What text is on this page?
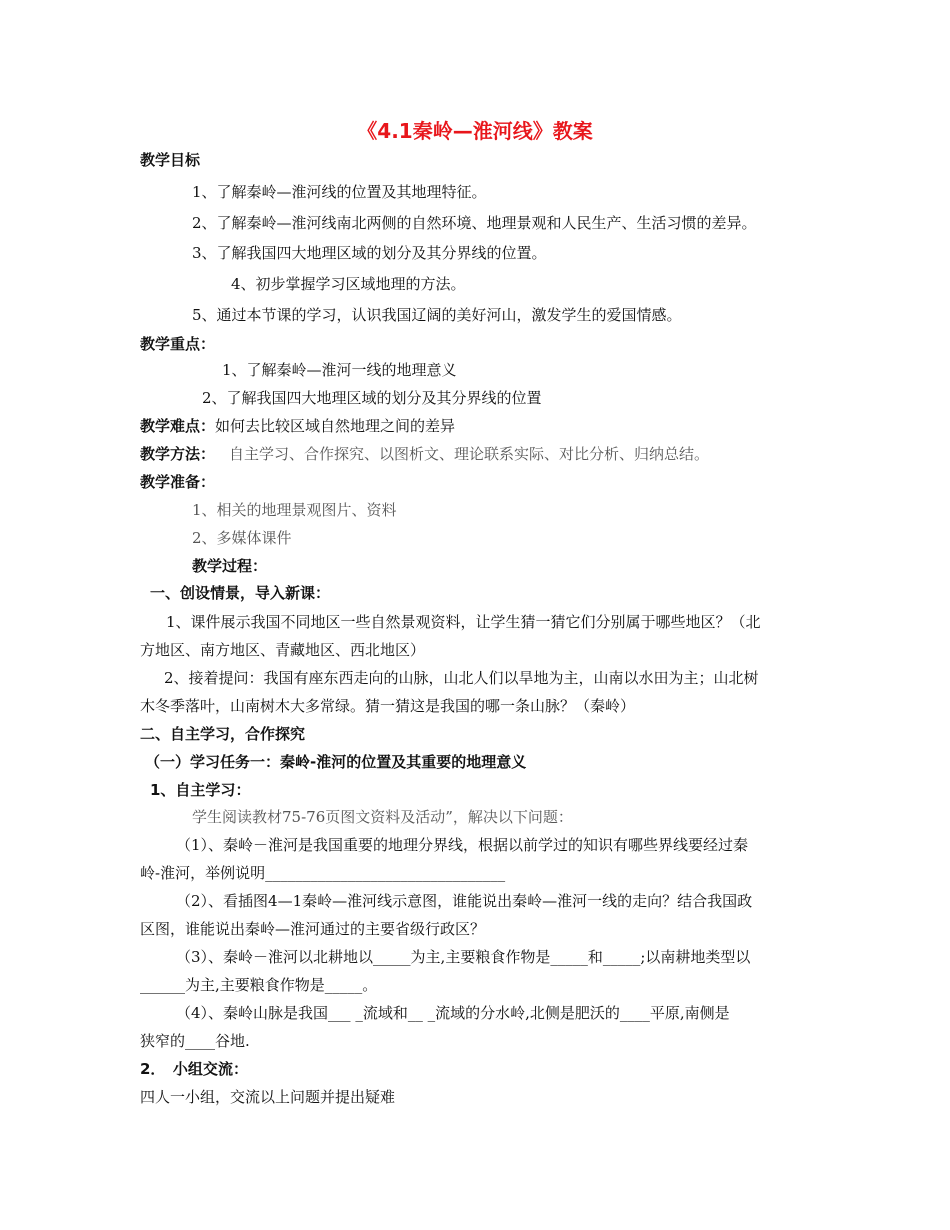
《4.1秦岭—淮河线》教案
教学目标
1、了解秦岭—淮河线的位置及其地理特征。
2、了解秦岭—淮河线南北两侧的自然环境、地理景观和人民生产、生活习惯的差异。
3、了解我国四大地理区域的划分及其分界线的位置。
4、初步掌握学习区域地理的方法。
5、通过本节课的学习，认识我国辽阔的美好河山，激发学生的爱国情感。
教学重点：
1、了解秦岭—淮河一线的地理意义
2、了解我国四大地理区域的划分及其分界线的位置
教学难点：如何去比较区域自然地理之间的差异
教学方法： 自主学习、合作探究、以图析文、理论联系实际、对比分析、归纳总结。
教学准备：
1、相关的地理景观图片、资料
2、多媒体课件
教学过程：
一、创设情景，导入新课：
1、课件展示我国不同地区一些自然景观资料，让学生猜一猜它们分别属于哪些地区？（北
方地区、南方地区、青藏地区、西北地区）
2、接着提问：我国有座东西走向的山脉，山北人们以旱地为主，山南以水田为主；山北树
木冬季落叶，山南树木大多常绿。猜一猜这是我国的哪一条山脉？（秦岭）
二、自主学习，合作探究
（一）学习任务一：秦岭-淮河的位置及其重要的地理意义
1、自主学习：
学生阅读教材75-76页图文资料及活动”，解决以下问题：
（1）、秦岭－淮河是我国重要的地理分界线，根据以前学过的知识有哪些界线要经过秦
岭-淮河，举例说明________________________________
（2）、看插图4—1秦岭—淮河线示意图，谁能说出秦岭—淮河一线的走向？结合我国政
区图，谁能说出秦岭—淮河通过的主要省级行政区？
（3）、秦岭－淮河以北耕地以_____为主,主要粮食作物是_____和_____;以南耕地类型以
______为主,主要粮食作物是_____。
（4）、秦岭山脉是我国___ _流域和__ _流域的分水岭,北侧是肥沃的____平原,南侧是
狭窄的____谷地.
2．　小组交流：
四人一小组，交流以上问题并提出疑难
